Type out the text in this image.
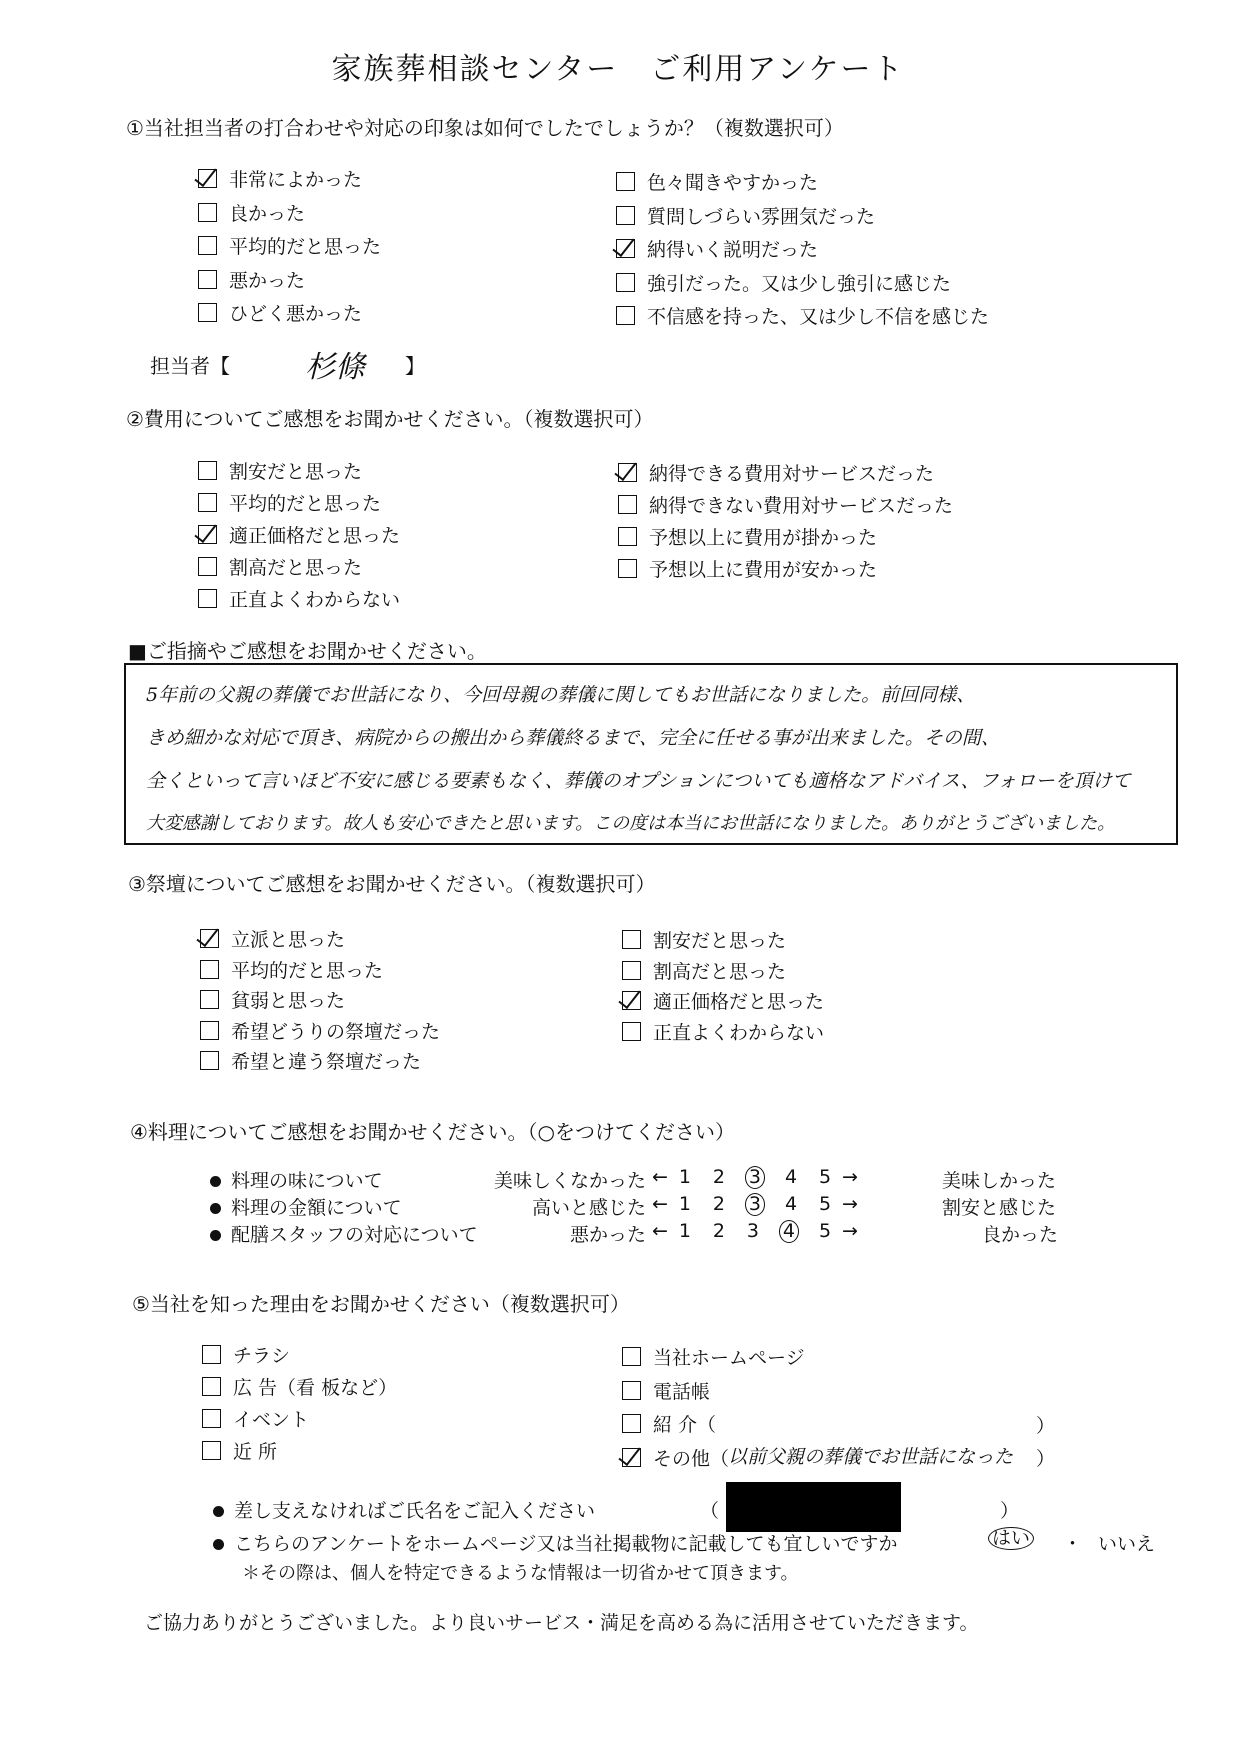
家族葬相談センター　ご利用アンケート
①当社担当者の打合わせや対応の印象は如何でしたでしょうか？（複数選択可）
非常によかった
良かった
平均的だと思った
悪かった
ひどく悪かった
色々聞きやすかった
質問しづらい雰囲気だった
納得いく説明だった
強引だった。又は少し強引に感じた
不信感を持った、又は少し不信を感じた
担当者【	杉條 】
②費用についてご感想をお聞かせください。（複数選択可）
割安だと思った
平均的だと思った
適正価格だと思った
割高だと思った
正直よくわからない
納得できる費用対サービスだった
納得できない費用対サービスだった
予想以上に費用が掛かった
予想以上に費用が安かった
■ご指摘やご感想をお聞かせください。
5年前の父親の葬儀でお世話になり、今回母親の葬儀に関してもお世話になりました。前回同様、
きめ細かな対応で頂き、病院からの搬出から葬儀終るまで、完全に任せる事が出来ました。その間、
全くといって言いほど不安に感じる要素もなく、葬儀のオプションについても適格なアドバイス、フォローを頂けて
大変感謝しております。故人も安心できたと思います。この度は本当にお世話になりました。ありがとうございました。
③祭壇についてご感想をお聞かせください。（複数選択可）
立派と思った
平均的だと思った
貧弱と思った
希望どうりの祭壇だった
希望と違う祭壇だった
割安だと思った
割高だと思った
適正価格だと思った
正直よくわからない
④料理についてご感想をお聞かせください。（○をつけてください）
料理の味について	美味しくなかった ← 1 2 3 4 5 →	美味しかった
料理の金額について	高いと感じた ← 1 2 3 4 5 →	割安と感じた
配膳スタッフの対応について	悪かった ← 1 2 3 4 5 →	良かった
⑤当社を知った理由をお聞かせください（複数選択可）
チラシ
広 告（看 板など）
イベント
近 所
当社ホームページ
電話帳
紹 介（
その他（
）
以前父親の葬儀でお世話になった ）
差し支えなければご氏名をご記入ください	（	）
こちらのアンケートをホームページ又は当社掲載物に記載しても宜しいですか	はい ・ いいえ
＊その際は、個人を特定できるような情報は一切省かせて頂きます。
ご協力ありがとうございました。より良いサービス・満足を高める為に活用させていただきます。
